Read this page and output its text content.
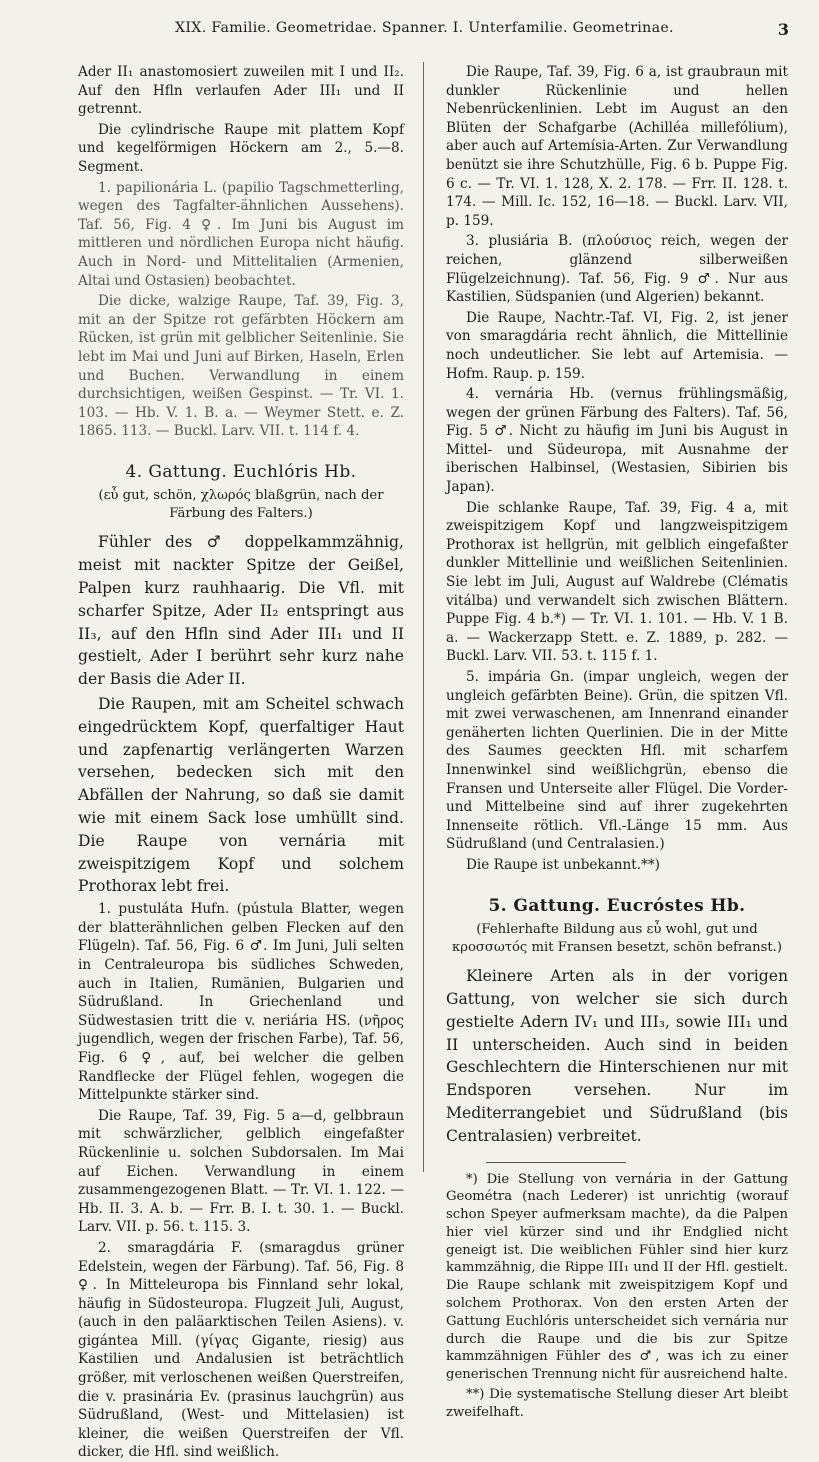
XIX. Familie. Geometridae. Spanner. I. Unterfamilie. Geometrinae.	3

Ader II₁ anastomosiert zuweilen mit I und II₂. Auf den Hfln verlaufen Ader III₁ und II getrennt.

Die cylindrische Raupe mit plattem Kopf und kegelförmigen Höckern am 2., 5.—8. Segment.

1. papilionária L. (papilio Tagschmetterling, wegen des Tagfalter-ähnlichen Aussehens). Taf. 56, Fig. 4 ♀. Im Juni bis August im mittleren und nördlichen Europa nicht häufig. Auch in Nord- und Mittelitalien (Armenien, Altai und Ostasien) beobachtet.

Die dicke, walzige Raupe, Taf. 39, Fig. 3, mit an der Spitze rot gefärbten Höckern am Rücken, ist grün mit gelblicher Seitenlinie. Sie lebt im Mai und Juni auf Birken, Haseln, Erlen und Buchen. Verwandlung in einem durchsichtigen, weißen Gespinst. — Tr. VI. 1. 103. — Hb. V. 1. B. a. — Weymer Stett. e. Z. 1865. 113. — Buckl. Larv. VII. t. 114 f. 4.

4. Gattung. Euchlóris Hb.
(εὖ gut, schön, χλωρός blaßgrün, nach der Färbung des Falters.)

Fühler des ♂ doppelkammzähnig, meist mit nackter Spitze der Geißel, Palpen kurz rauhhaarig. Die Vfl. mit scharfer Spitze, Ader II₂ entspringt aus II₃, auf den Hfln sind Ader III₁ und II gestielt, Ader I berührt sehr kurz nahe der Basis die Ader II.

Die Raupen, mit am Scheitel schwach eingedrücktem Kopf, querfaltiger Haut und zapfenartig verlängerten Warzen versehen, bedecken sich mit den Abfällen der Nahrung, so daß sie damit wie mit einem Sack lose umhüllt sind. Die Raupe von vernária mit zweispitzigem Kopf und solchem Prothorax lebt frei.

1. pustuláta Hufn. (pústula Blatter, wegen der blatterähnlichen gelben Flecken auf den Flügeln). Taf. 56, Fig. 6 ♂. Im Juni, Juli selten in Centraleuropa bis südliches Schweden, auch in Italien, Rumänien, Bulgarien und Südrußland. In Griechenland und Südwestasien tritt die v. neriária HS. (νῆρος jugendlich, wegen der frischen Farbe), Taf. 56, Fig. 6 ♀, auf, bei welcher die gelben Randflecke der Flügel fehlen, wogegen die Mittelpunkte stärker sind.

Die Raupe, Taf. 39, Fig. 5 a—d, gelbbraun mit schwärzlicher, gelblich eingefaßter Rückenlinie u. solchen Subdorsalen. Im Mai auf Eichen. Verwandlung in einem zusammengezogenen Blatt. — Tr. VI. 1. 122. — Hb. II. 3. A. b. — Frr. B. I. t. 30. 1. — Buckl. Larv. VII. p. 56. t. 115. 3.

2. smaragdária F. (smaragdus grüner Edelstein, wegen der Färbung). Taf. 56, Fig. 8 ♀. In Mitteleuropa bis Finnland sehr lokal, häufig in Südosteuropa. Flugzeit Juli, August, (auch in den paläarktischen Teilen Asiens). v. gigántea Mill. (γίγας Gigante, riesig) aus Kastilien und Andalusien ist beträchtlich größer, mit verloschenen weißen Querstreifen, die v. prasinária Ev. (prasinus lauchgrün) aus Südrußland, (West- und Mittelasien) ist kleiner, die weißen Querstreifen der Vfl. dicker, die Hfl. sind weißlich.

Die Raupe, Taf. 39, Fig. 6 a, ist graubraun mit dunkler Rückenlinie und hellen Nebenrückenlinien. Lebt im August an den Blüten der Schafgarbe (Achilléa millefólium), aber auch auf Artemísia-Arten. Zur Verwandlung benützt sie ihre Schutzhülle, Fig. 6 b. Puppe Fig. 6 c. — Tr. VI. 1. 128, X. 2. 178. — Frr. II. 128. t. 174. — Mill. Ic. 152, 16—18. — Buckl. Larv. VII, p. 159.

3. plusiária B. (πλούσιος reich, wegen der reichen, glänzend silberweißen Flügelzeichnung). Taf. 56, Fig. 9 ♂. Nur aus Kastilien, Südspanien (und Algerien) bekannt.

Die Raupe, Nachtr.-Taf. VI, Fig. 2, ist jener von smaragdária recht ähnlich, die Mittellinie noch undeutlicher. Sie lebt auf Artemisia. — Hofm. Raup. p. 159.

4. vernária Hb. (vernus frühlingsmäßig, wegen der grünen Färbung des Falters). Taf. 56, Fig. 5 ♂. Nicht zu häufig im Juni bis August in Mittel- und Südeuropa, mit Ausnahme der iberischen Halbinsel, (Westasien, Sibirien bis Japan).

Die schlanke Raupe, Taf. 39, Fig. 4 a, mit zweispitzigem Kopf und langzweispitzigem Prothorax ist hellgrün, mit gelblich eingefaßter dunkler Mittellinie und weißlichen Seitenlinien. Sie lebt im Juli, August auf Waldrebe (Clématis vitálba) und verwandelt sich zwischen Blättern. Puppe Fig. 4 b.*) — Tr. VI. 1. 101. — Hb. V. 1 B. a. — Wackerzapp Stett. e. Z. 1889, p. 282. — Buckl. Larv. VII. 53. t. 115 f. 1.

5. impária Gn. (impar ungleich, wegen der ungleich gefärbten Beine). Grün, die spitzen Vfl. mit zwei verwaschenen, am Innenrand einander genäherten lichten Querlinien. Die in der Mitte des Saumes geeckten Hfl. mit scharfem Innenwinkel sind weißlichgrün, ebenso die Fransen und Unterseite aller Flügel. Die Vorder- und Mittelbeine sind auf ihrer zugekehrten Innenseite rötlich. Vfl.-Länge 15 mm. Aus Südrußland (und Centralasien.)

Die Raupe ist unbekannt.**)

5. Gattung. Eucróstes Hb.
(Fehlerhafte Bildung aus εὖ wohl, gut und κροσσωτός mit Fransen besetzt, schön befranst.)

Kleinere Arten als in der vorigen Gattung, von welcher sie sich durch gestielte Adern IV₁ und III₃, sowie III₁ und II unterscheiden. Auch sind in beiden Geschlechtern die Hinterschienen nur mit Endsporen versehen. Nur im Mediterrangebiet und Südrußland (bis Centralasien) verbreitet.

*) Die Stellung von vernária in der Gattung Geométra (nach Lederer) ist unrichtig (worauf schon Speyer aufmerksam machte), da die Palpen hier viel kürzer sind und ihr Endglied nicht geneigt ist. Die weiblichen Fühler sind hier kurz kammzähnig, die Rippe III₁ und II der Hfl. gestielt. Die Raupe schlank mit zweispitzigem Kopf und solchem Prothorax. Von den ersten Arten der Gattung Euchlóris unterscheidet sich vernária nur durch die Raupe und die bis zur Spitze kammzähnigen Fühler des ♂, was ich zu einer generischen Trennung nicht für ausreichend halte.

**) Die systematische Stellung dieser Art bleibt zweifelhaft.
